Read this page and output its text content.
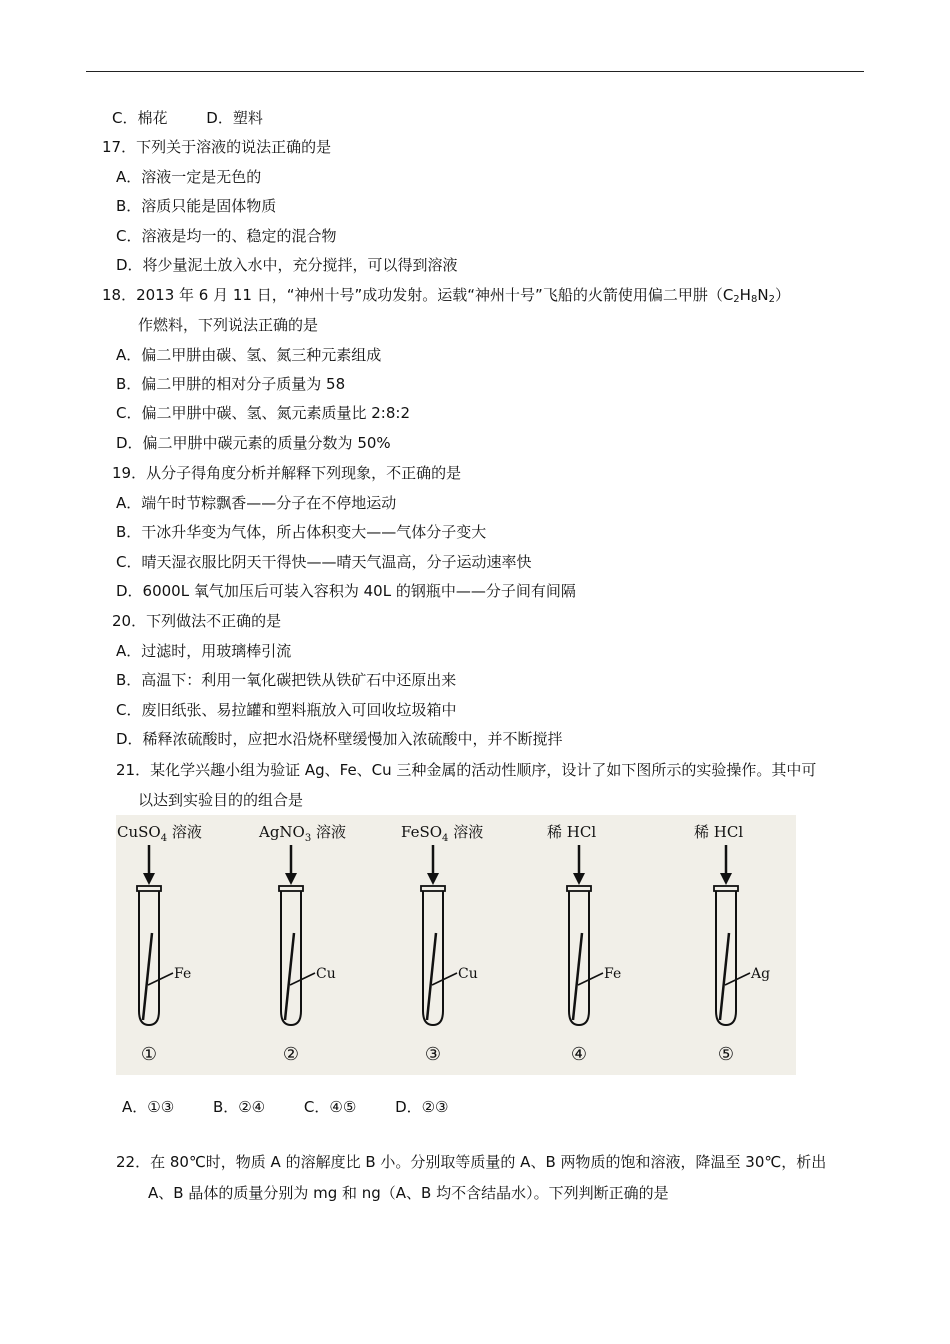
C．棉花	D．塑料
17．下列关于溶液的说法正确的是
A．溶液一定是无色的
B．溶质只能是固体物质
C．溶液是均一的、稳定的混合物
D．将少量泥土放入水中，充分搅拌，可以得到溶液
18．2013 年 6 月 11 日，“神州十号”成功发射。运载“神州十号”飞船的火箭使用偏二甲肼$(C_2H_8N_2)$
作燃料，下列说法正确的是
A．偏二甲肼由碳、氢、氮三种元素组成
B．偏二甲肼的相对分子质量为 58
C．偏二甲肼中碳、氢、氮元素质量比 2:8:2
D．偏二甲肼中碳元素的质量分数为 50%
19．从分子得角度分析并解释下列现象，不正确的是
A．端午时节粽飘香——分子在不停地运动
B．干冰升华变为气体，所占体积变大——气体分子变大
C．晴天湿衣服比阴天干得快——晴天气温高，分子运动速率快
D．6000L 氧气加压后可装入容积为 40L 的钢瓶中——分子间有间隔
20．下列做法不正确的是
A．过滤时，用玻璃棒引流
B．高温下：利用一氧化碳把铁从铁矿石中还原出来
C．废旧纸张、易拉罐和塑料瓶放入可回收垃圾箱中
D．稀释浓硫酸时，应把水沿烧杯壁缓慢加入浓硫酸中，并不断搅拌
21．某化学兴趣小组为验证 Ag、Fe、Cu 三种金属的活动性顺序，设计了如下图所示的实验操作。其中可
以达到实验目的的组合是
CuSO$_4$ 溶液
Fe
①
AgNO$_3$ 溶液
Cu
②
FeSO$_4$ 溶液
Cu
③
稀 HCl
Fe
④
稀 HCl
Ag
⑤
A．①③	B．②④	C．④⑤	D．②③
22．在 80℃时，物质 A 的溶解度比 B 小。分别取等质量的 A、B 两物质的饱和溶液，降温至 30℃，析出
A、B 晶体的质量分别为 mg 和 ng（A、B 均不含结晶水）。下列判断正确的是
